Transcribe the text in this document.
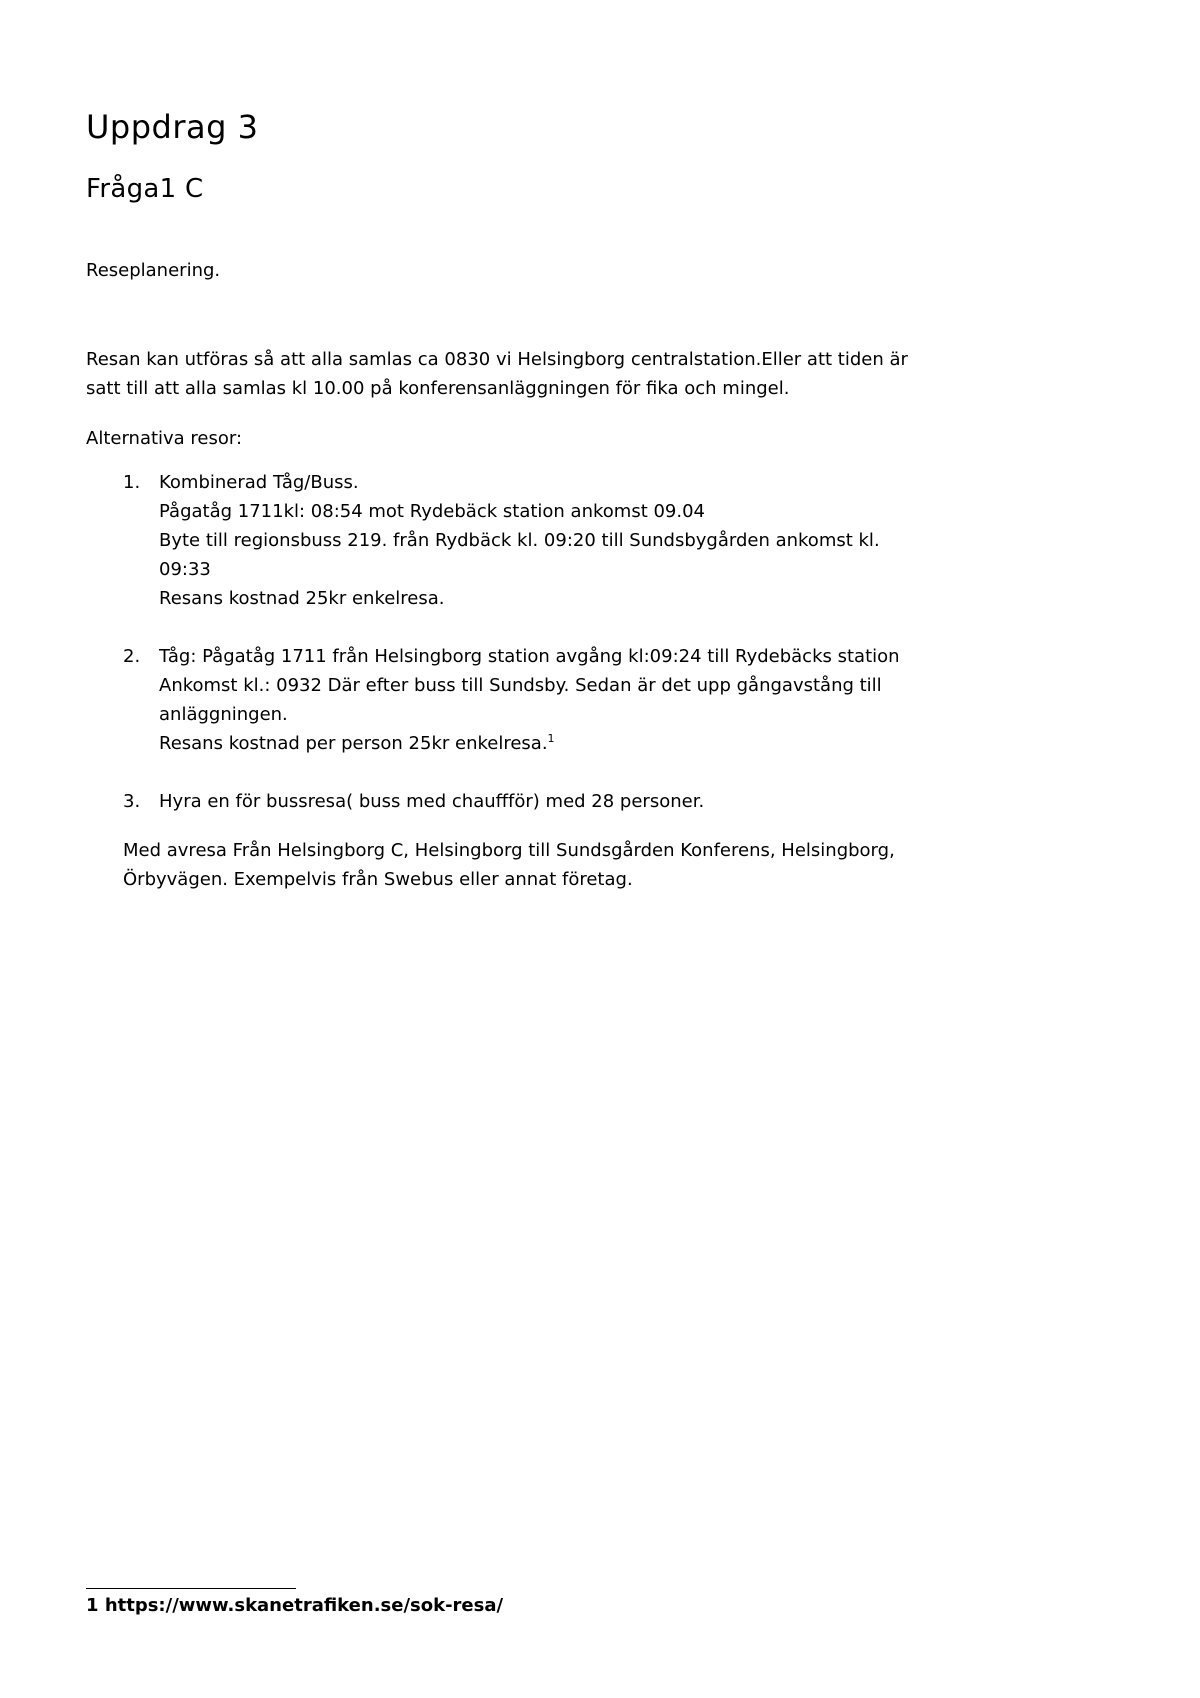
Uppdrag 3
Fråga1 C

Reseplanering.

Resan kan utföras så att alla samlas ca 0830 vi Helsingborg centralstation.Eller att tiden är
satt till att alla samlas kl 10.00 på konferensanläggningen för fika och mingel.

Alternativa resor:

1. Kombinerad Tåg/Buss.
Pågatåg 1711kl: 08:54 mot Rydebäck station ankomst 09.04
Byte till regionsbuss 219. från Rydbäck kl. 09:20 till Sundsbygården ankomst kl.
09:33
Resans kostnad 25kr enkelresa.
2. Tåg: Pågatåg 1711 från Helsingborg station avgång kl:09:24 till Rydebäcks station
Ankomst kl.: 0932 Där efter buss till Sundsby. Sedan är det upp gångavstång till
anläggningen.
Resans kostnad per person 25kr enkelresa.$^1$
3. Hyra en för bussresa( buss med chauffför) med 28 personer.
Med avresa Från Helsingborg C, Helsingborg till Sundsgården Konferens, Helsingborg,
Örbyvägen. Exempelvis från Swebus eller annat företag.
1 https://www.skanetrafiken.se/sok-resa/
